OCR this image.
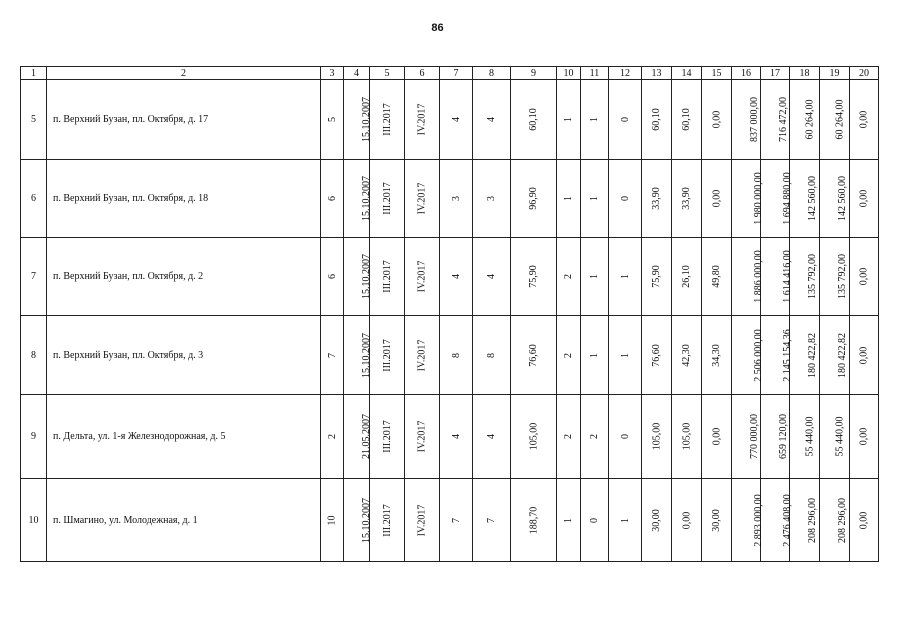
86
1	2	3	4	5	6	7	8	9	10	11	12	13	14	15	16	17	18	19	20
5	п. Верхний Бузан, пл. Октября, д. 17	5	15.10.2007	III.2017	IV.2017	4	4	60,10	1	1	0	60,10	60,10	0,00	837 000,00	716 472,00	60 264,00	60 264,00	0,00
6	п. Верхний Бузан, пл. Октября, д. 18	6	15.10.2007	III.2017	IV.2017	3	3	96,90	1	1	0	33,90	33,90	0,00	1 980 000,00	1 694 880,00	142 560,00	142 560,00	0,00
7	п. Верхний Бузан, пл. Октября, д. 2	6	15.10.2007	III.2017	IV.2017	4	4	75,90	2	1	1	75,90	26,10	49,80	1 886 000,00	1 614 416,00	135 792,00	135 792,00	0,00
8	п. Верхний Бузан, пл. Октября, д. 3	7	15.10.2007	III.2017	IV.2017	8	8	76,60	2	1	1	76,60	42,30	34,30	2 506 000,00	2 145 154,36	180 422,82	180 422,82	0,00
9	п. Дельта, ул. 1-я Железнодорожная, д. 5	2	21.05.2007	III.2017	IV.2017	4	4	105,00	2	2	0	105,00	105,00	0,00	770 000,00	659 120,00	55 440,00	55 440,00	0,00
10	п. Шмагино, ул. Молодежная, д. 1	10	15.10.2007	III.2017	IV.2017	7	7	188,70	1	0	1	30,00	0,00	30,00	2 893 000,00	2 476 408,00	208 296,00	208 296,00	0,00
